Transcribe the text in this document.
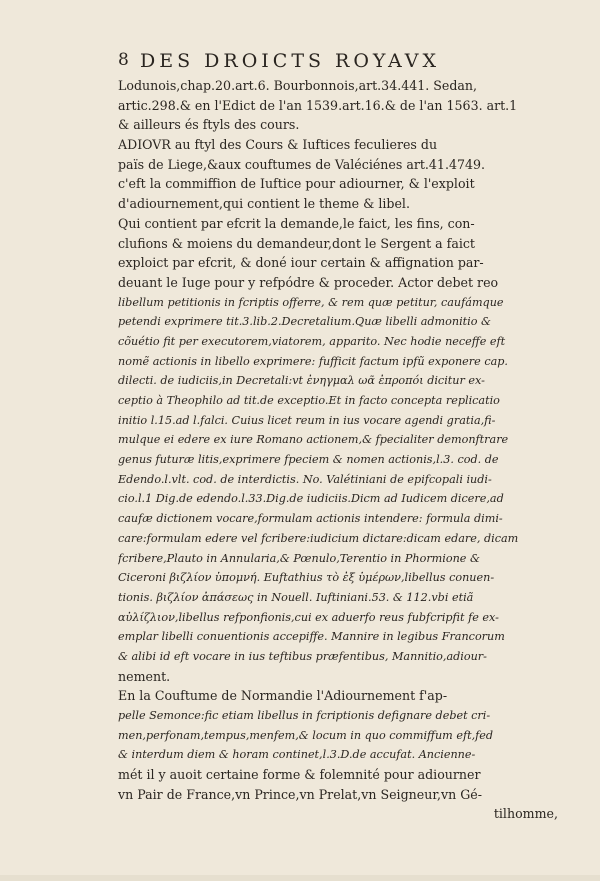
8 DES DROICTS ROYAVX
Lodunois,chap.20.art.6. Bourbonnois,art.34.441. Sedan,
artic.298.& en l'Edict de l'an 1539.art.16.& de l'an 1563. art.1
& ailleurs és ftyls des cours.
ADIOVR au ftyl des Cours & Iuftices feculieres du
païs de Liege,&aux couftumes de Valéciénes art.41.4749.
c'eft la commiffion de Iuftice pour adiourner, & l'exploit
d'adiournement,qui contient le theme & libel.
Qui contient par efcrit la demande,le faict, les fins, con-
clufions & moiens du demandeur,dont le Sergent a faict
exploict par efcrit, & doné iour certain & affignation par-
deuant le Iuge pour y refpódre & proceder. Actor debet reo
libellum petitionis in fcriptis offerre, & rem quæ petitur, caufámque
petendi exprimere tit.3.lib.2.Decretalium.Quæ libelli admonitio &
cõuétio fit per executorem,viatorem, apparito. Nec hodie neceffe eft
nomẽ actionis in libello exprimere: fufficit factum ipfũ exponere cap.
dilecti. de iudiciis,in Decretali:vt ἐνηγμαλ ωᾶ ἐπροπόι dicitur ex-
ceptio à Theophilo ad tit.de exceptio.Et in facto concepta replicatio
initio l.15.ad l.falci. Cuius licet reum in ius vocare agendi gratia,fi-
mulque ei edere ex iure Romano actionem,& fpecialiter demonftrare
genus futuræ litis,exprimere fpeciem & nomen actionis,l.3. cod. de
Edendo.l.vlt. cod. de interdictis. No. Valétiniani de epifcopali iudi-
cio.l.1 Dig.de edendo.l.33.Dig.de iudiciis.Dicm ad Iudicem dicere,ad
caufæ dictionem vocare,formulam actionis intendere: formula dimi-
care:formulam edere vel fcribere:iudicium dictare:dicam edare, dicam
fcribere,Plauto in Annularia,& Pœnulo,Terentio in Phormione &
Ciceroni βιζλίον ὑπομνή. Euftathius τὸ ἐξ ὑμέρων,libellus conuen-
tionis. βιζλίον ἀπάσεως in Nouell. Iuftiniani.53. & 112.vbi etiã
αὐλίζλιον,libellus refponfionis,cui ex aduerfo reus fubfcripfit fe ex-
emplar libelli conuentionis accepiffe. Mannire in legibus Francorum
& alibi id eft vocare in ius teftibus præfentibus, Mannitio,adiour-
nement.
En la Couftume de Normandie l'Adiournement f'ap-
pelle Semonce:fic etiam libellus in fcriptionis defignare debet cri-
men,perfonam,tempus,menfem,& locum in quo commiffum eft,fed
& interdum diem & horam continet,l.3.D.de accufat. Ancienne-
mét il y auoit certaine forme & folemnité pour adiourner
vn Pair de France,vn Prince,vn Prelat,vn Seigneur,vn Gé-
tilhomme,
